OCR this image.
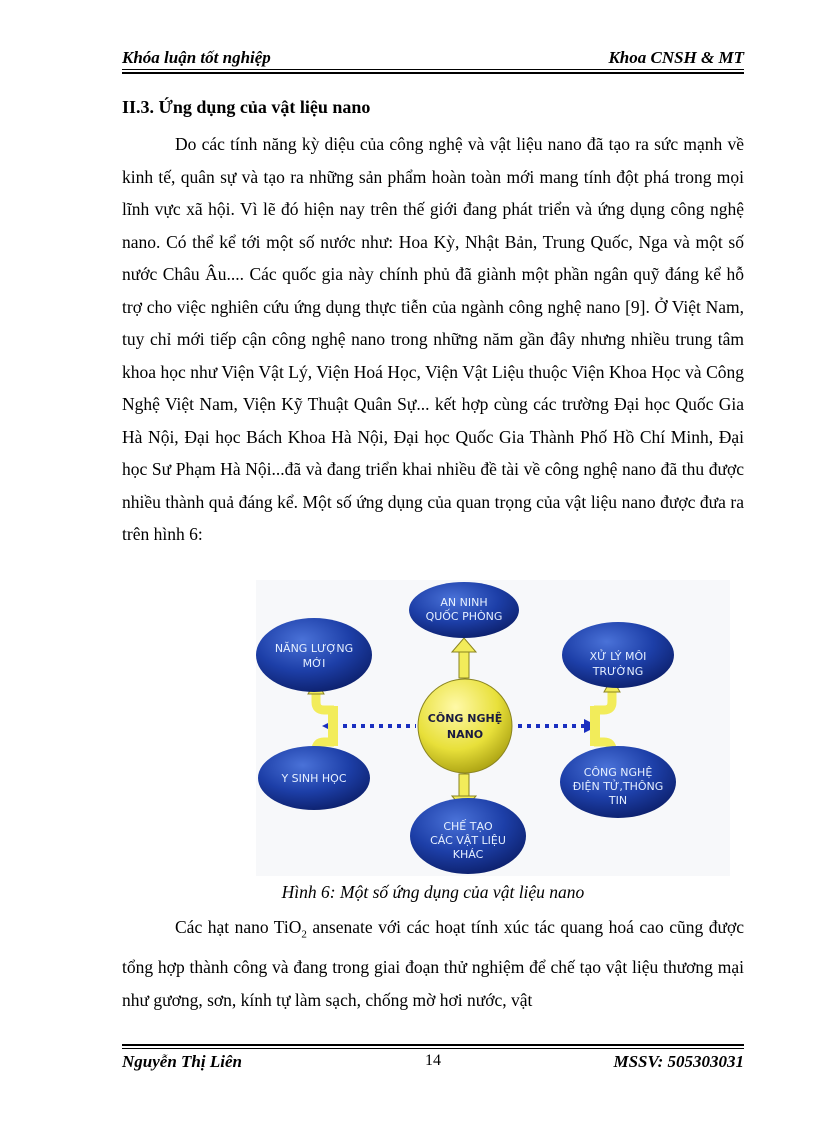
Khóa luận tốt nghiệp	Khoa CNSH & MT
II.3. Ứng dụng của vật liệu nano
Do các tính năng kỳ diệu của công nghệ và vật liệu nano đã tạo ra sức mạnh về kinh tế, quân sự và tạo ra những sản phẩm hoàn toàn mới mang tính đột phá trong mọi lĩnh vực xã hội. Vì lẽ đó hiện nay trên thế giới đang phát triển và ứng dụng công nghệ nano. Có thể kể tới một số nước như: Hoa Kỳ, Nhật Bản, Trung Quốc, Nga và một số nước Châu Âu.... Các quốc gia này chính phủ đã giành một phần ngân quỹ đáng kể hỗ trợ cho việc nghiên cứu ứng dụng thực tiễn của ngành công nghệ nano [9]. Ở Việt Nam, tuy chỉ mới tiếp cận công nghệ nano trong những năm gần đây nhưng nhiều trung tâm khoa học như Viện Vật Lý, Viện Hoá Học, Viện Vật Liệu thuộc Viện Khoa Học và Công Nghệ Việt Nam, Viện Kỹ Thuật Quân Sự... kết hợp cùng các trường Đại học Quốc Gia Hà Nội, Đại học Bách Khoa Hà Nội, Đại học Quốc Gia Thành Phố Hồ Chí Minh, Đại học Sư Phạm Hà Nội...đã và đang triển khai nhiều đề tài về công nghệ nano đã thu được nhiều thành quả đáng kể. Một số ứng dụng của quan trọng của vật liệu nano được đưa ra trên hình 6:
AN NINH
QUỐC PHÒNG
NĂNG LƯỢNG
MỚI
Y SINH HỌC
XỬ LÝ MÔI
TRƯỜNG
CÔNG NGHỆ
ĐIỆN TỬ,THÔNG
TIN
CHẾ TẠO
CÁC VẬT LIỆU
KHÁC
CÔNG NGHỆ
NANO
Hình 6: Một số ứng dụng của vật liệu nano
Các hạt nano TiO$_2$ ansenate với các hoạt tính xúc tác quang hoá cao cũng được tổng hợp thành công và đang trong giai đoạn thử nghiệm để chế tạo vật liệu thương mại như gương, sơn, kính tự làm sạch, chống mờ hơi nước, vật
14
Nguyễn Thị Liên	MSSV: 505303031
